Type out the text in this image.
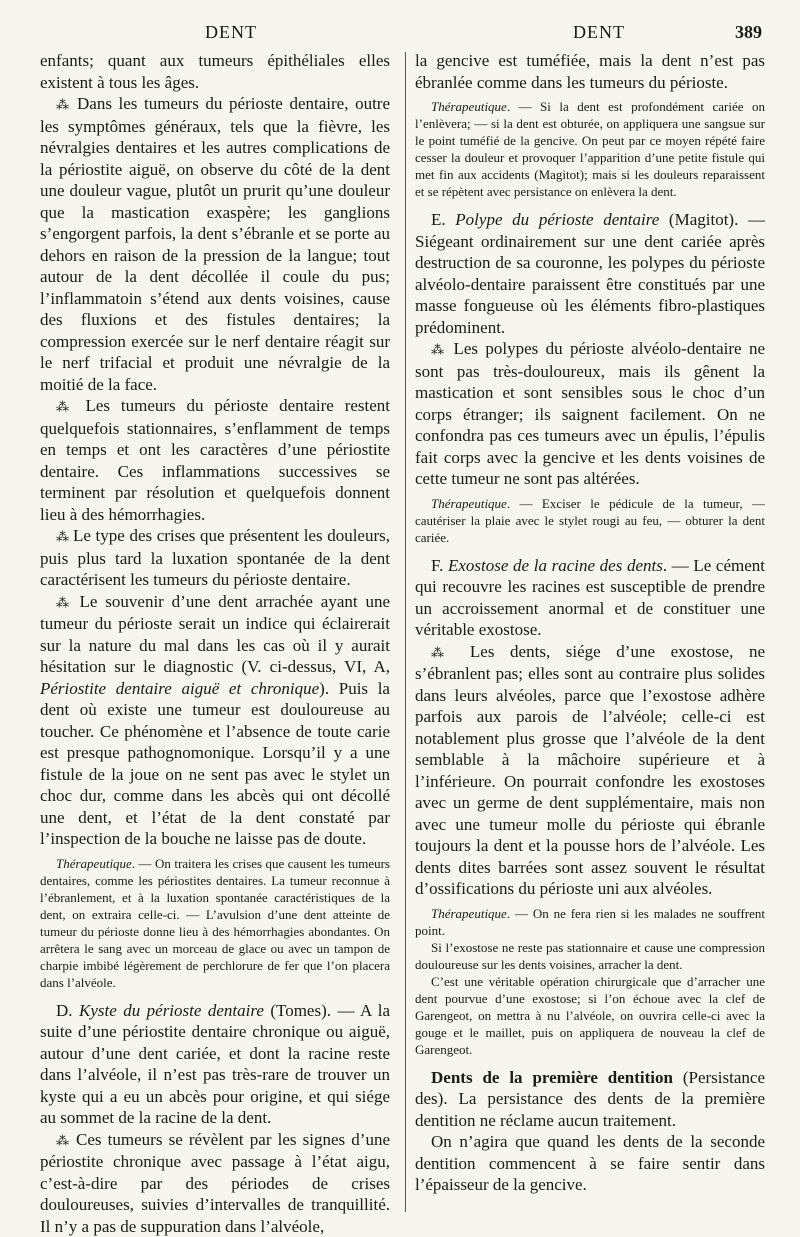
DENT	DENT	389

enfants; quant aux tumeurs épithéliales elles existent à tous les âges.

⁂ Dans les tumeurs du périoste dentaire, outre les symptômes généraux, tels que la fièvre, les névralgies dentaires et les autres complications de la périostite aiguë, on observe du côté de la dent une douleur vague, plutôt un prurit qu’une douleur que la mastication exaspère; les ganglions s’engorgent parfois, la dent s’ébranle et se porte au dehors en raison de la pression de la langue; tout autour de la dent décollée il coule du pus; l’inflammatoin s’étend aux dents voisines, cause des fluxions et des fistules dentaires; la compression exercée sur le nerf dentaire réagit sur le nerf trifacial et produit une névralgie de la moitié de la face.

⁂ Les tumeurs du périoste dentaire restent quelquefois stationnaires, s’enflamment de temps en temps et ont les caractères d’une périostite dentaire. Ces inflammations successives se terminent par résolution et quelquefois donnent lieu à des hémorrhagies.

⁂ Le type des crises que présentent les douleurs, puis plus tard la luxation spontanée de la dent caractérisent les tumeurs du périoste dentaire.

⁂ Le souvenir d’une dent arrachée ayant une tumeur du périoste serait un indice qui éclairerait sur la nature du mal dans les cas où il y aurait hésitation sur le diagnostic (V. ci-dessus, VI, A, Périostite dentaire aiguë et chronique). Puis la dent où existe une tumeur est douloureuse au toucher. Ce phénomène et l’absence de toute carie est presque pathognomonique. Lorsqu’il y a une fistule de la joue on ne sent pas avec le stylet un choc dur, comme dans les abcès qui ont décollé une dent, et l’état de la dent constaté par l’inspection de la bouche ne laisse pas de doute.

Thérapeutique. — On traitera les crises que causent les tumeurs dentaires, comme les périostites dentaires. La tumeur reconnue à l’ébranlement, et à la luxation spontanée caractéristiques de la dent, on extraira celle-ci. — L’avulsion d’une dent atteinte de tumeur du périoste donne lieu à des hémorrhagies abondantes. On arrêtera le sang avec un morceau de glace ou avec un tampon de charpie imbibé légèrement de perchlorure de fer que l’on placera dans l’alvéole.

D. Kyste du périoste dentaire (Tomes). — A la suite d’une périostite dentaire chronique ou aiguë, autour d’une dent cariée, et dont la racine reste dans l’alvéole, il n’est pas très-rare de trouver un kyste qui a eu un abcès pour origine, et qui siége au sommet de la racine de la dent.

⁂ Ces tumeurs se révèlent par les signes d’une périostite chronique avec passage à l’état aigu, c’est-à-dire par des périodes de crises douloureuses, suivies d’intervalles de tranquillité. Il n’y a pas de suppuration dans l’alvéole,

la gencive est tuméfiée, mais la dent n’est pas ébranlée comme dans les tumeurs du périoste.

Thérapeutique. — Si la dent est profondément cariée on l’enlèvera; — si la dent est obturée, on appliquera une sangsue sur le point tuméfié de la gencive. On peut par ce moyen répété faire cesser la douleur et provoquer l’apparition d’une petite fistule qui met fin aux accidents (Magitot); mais si les douleurs reparaissent et se répètent avec persistance on enlèvera la dent.

E. Polype du périoste dentaire (Magitot). — Siégeant ordinairement sur une dent cariée après destruction de sa couronne, les polypes du périoste alvéolo-dentaire paraissent être constitués par une masse fongueuse où les éléments fibro-plastiques prédominent.

⁂ Les polypes du périoste alvéolo-dentaire ne sont pas très-douloureux, mais ils gênent la mastication et sont sensibles sous le choc d’un corps étranger; ils saignent facilement. On ne confondra pas ces tumeurs avec un épulis, l’épulis fait corps avec la gencive et les dents voisines de cette tumeur ne sont pas altérées.

Thérapeutique. — Exciser le pédicule de la tumeur, — cautériser la plaie avec le stylet rougi au feu, — obturer la dent cariée.

F. Exostose de la racine des dents. — Le cément qui recouvre les racines est susceptible de prendre un accroissement anormal et de constituer une véritable exostose.

⁂ Les dents, siége d’une exostose, ne s’ébranlent pas; elles sont au contraire plus solides dans leurs alvéoles, parce que l’exostose adhère parfois aux parois de l’alvéole; celle-ci est notablement plus grosse que l’alvéole de la dent semblable à la mâchoire supérieure et à l’inférieure. On pourrait confondre les exostoses avec un germe de dent supplémentaire, mais non avec une tumeur molle du périoste qui ébranle toujours la dent et la pousse hors de l’alvéole. Les dents dites barrées sont assez souvent le résultat d’ossifications du périoste uni aux alvéoles.

Thérapeutique. — On ne fera rien si les malades ne souffrent point.

Si l’exostose ne reste pas stationnaire et cause une compression douloureuse sur les dents voisines, arracher la dent.

C’est une véritable opération chirurgicale que d’arracher une dent pourvue d’une exostose; si l’on échoue avec la clef de Garengeot, on mettra à nu l’alvéole, on ouvrira celle-ci avec la gouge et le maillet, puis on appliquera de nouveau la clef de Garengeot.

Dents de la première dentition (Persistance des). La persistance des dents de la première dentition ne réclame aucun traitement.

On n’agira que quand les dents de la seconde dentition commencent à se faire sentir dans l’épaisseur de la gencive.
